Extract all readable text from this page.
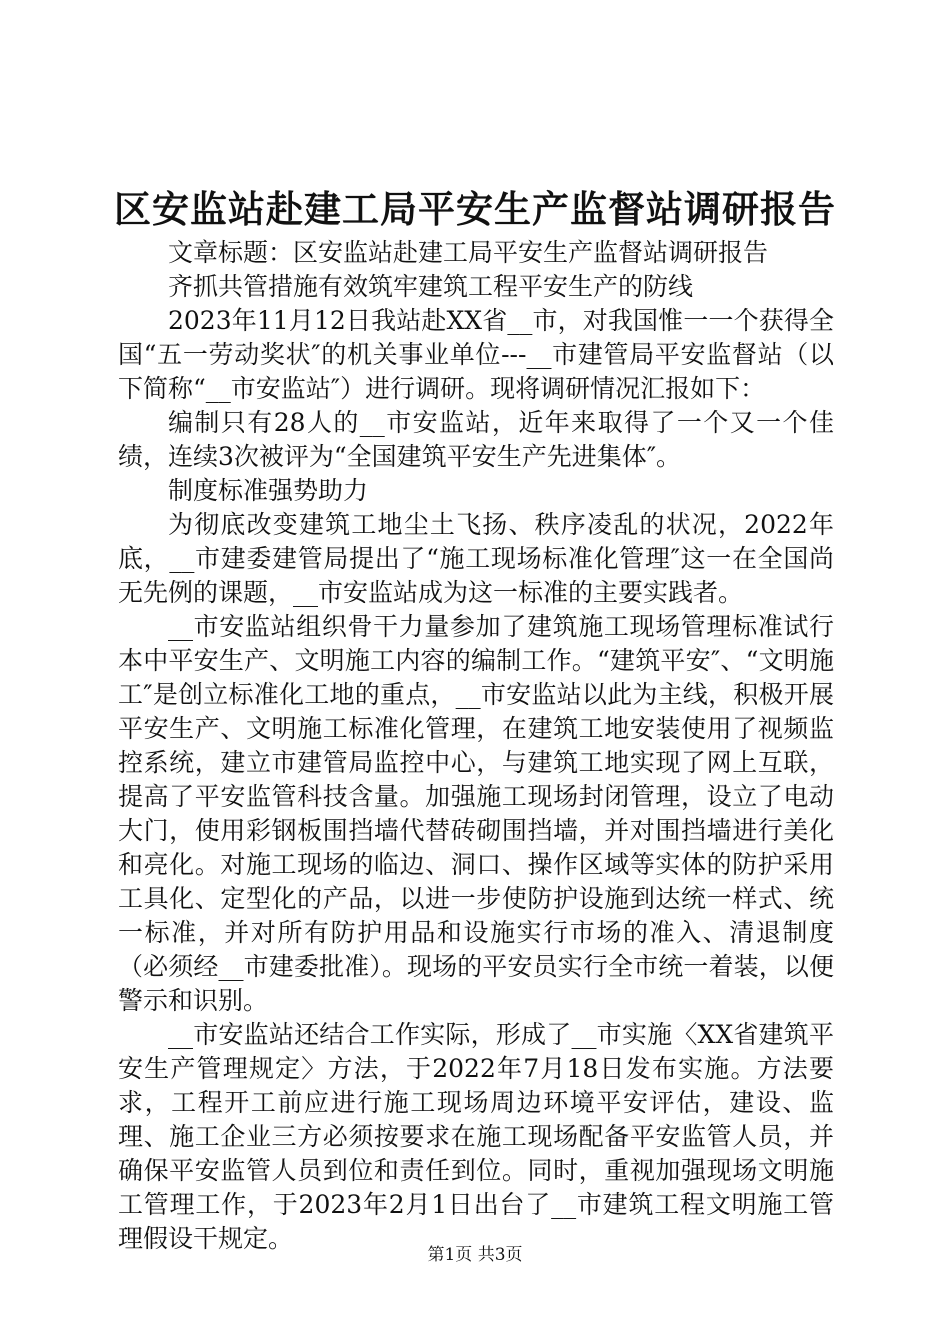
区安监站赴建工局平安生产监督站调研报告

文章标题：区安监站赴建工局平安生产监督站调研报告

齐抓共管措施有效筑牢建筑工程平安生产的防线

2023年11月12日我站赴XX省__市，对我国惟一一个获得全国“五一劳动奖状″的机关事业单位---__市建管局平安监督站（以下简称“__市安监站″）进行调研。现将调研情况汇报如下：

编制只有28人的__市安监站，近年来取得了一个又一个佳绩，连续3次被评为“全国建筑平安生产先进集体″。

制度标准强势助力

为彻底改变建筑工地尘土飞扬、秩序凌乱的状况，2022年底，__市建委建管局提出了“施工现场标准化管理″这一在全国尚无先例的课题，__市安监站成为这一标准的主要实践者。

__市安监站组织骨干力量参加了建筑施工现场管理标准试行本中平安生产、文明施工内容的编制工作。“建筑平安″、“文明施工″是创立标准化工地的重点，__市安监站以此为主线，积极开展平安生产、文明施工标准化管理，在建筑工地安装使用了视频监控系统，建立市建管局监控中心，与建筑工地实现了网上互联，提高了平安监管科技含量。加强施工现场封闭管理，设立了电动大门，使用彩钢板围挡墙代替砖砌围挡墙，并对围挡墙进行美化和亮化。对施工现场的临边、洞口、操作区域等实体的防护采用工具化、定型化的产品，以进一步使防护设施到达统一样式、统一标准，并对所有防护用品和设施实行市场的准入、清退制度（必须经__市建委批准）。现场的平安员实行全市统一着装，以便警示和识别。

__市安监站还结合工作实际，形成了__市实施〈XX省建筑平安生产管理规定〉方法，于2022年7月18日发布实施。方法要求，工程开工前应进行施工现场周边环境平安评估，建设、监理、施工企业三方必须按要求在施工现场配备平安监管人员，并确保平安监管人员到位和责任到位。同时，重视加强现场文明施工管理工作，于2023年2月1日出台了__市建筑工程文明施工管理假设干规定。

第1页 共3页
